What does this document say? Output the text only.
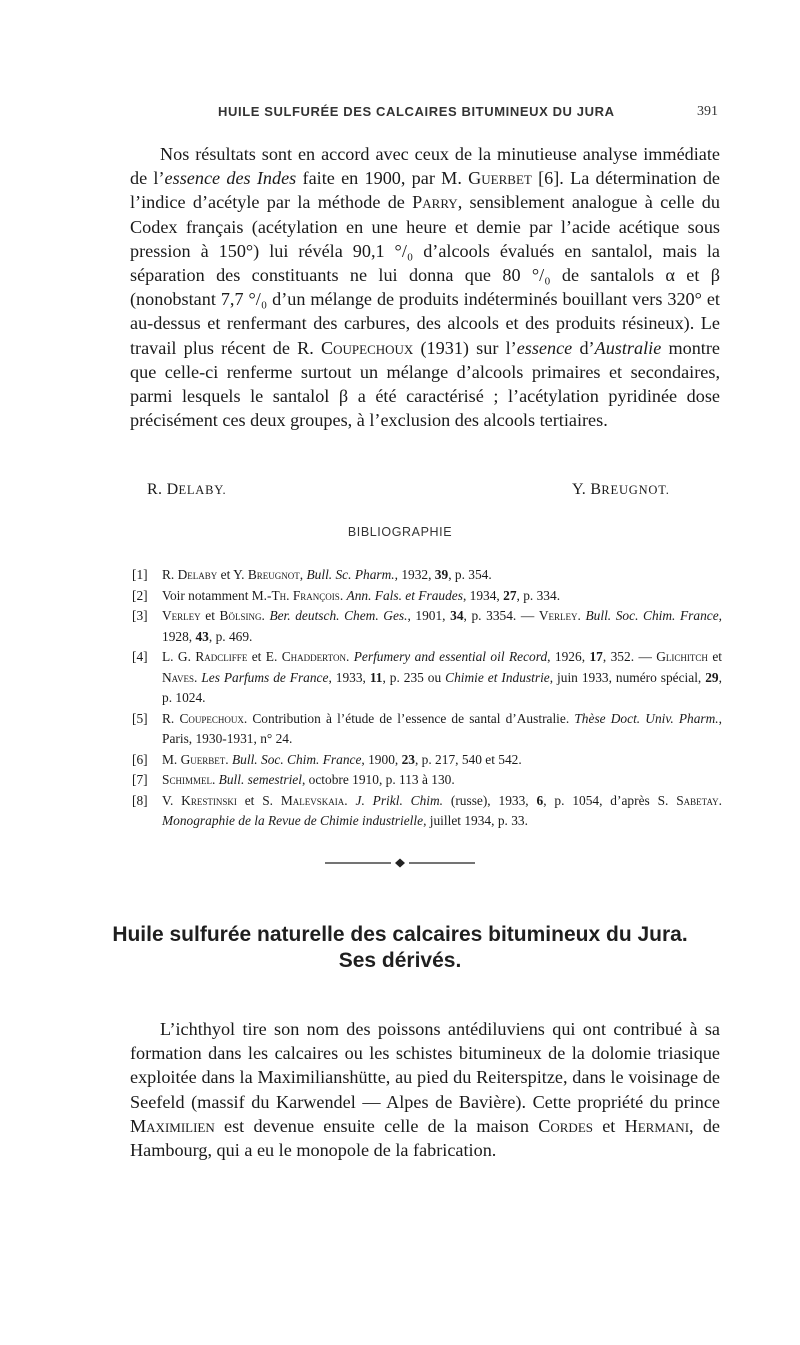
HUILE SULFURÉE DES CALCAIRES BITUMINEUX DU JURA	391

Nos résultats sont en accord avec ceux de la minutieuse analyse immédiate de l’essence des Indes faite en 1900, par M. Guerbet [6]. La détermination de l’indice d’acétyle par la méthode de Parry, sensiblement analogue à celle du Codex français (acétylation en une heure et demie par l’acide acétique sous pression à 150°) lui révéla 90,1 °/₀ d’alcools évalués en santalol, mais la séparation des constituants ne lui donna que 80 °/₀ de santalols α et β (nonobstant 7,7 °/₀ d’un mélange de produits indéterminés bouillant vers 320° et au-dessus et renfermant des carbures, des alcools et des produits résineux). Le travail plus récent de R. Coupechoux (1931) sur l’essence d’Australie montre que celle-ci renferme surtout un mélange d’alcools primaires et secondaires, parmi lesquels le santalol β a été caractérisé ; l’acétylation pyridinée dose précisément ces deux groupes, à l’exclusion des alcools tertiaires.

R. DELABY.	Y. BREUGNOT.
BIBLIOGRAPHIE
[1] R. Delaby et Y. Breugnot, Bull. Sc. Pharm., 1932, 39, p. 354.
[2] Voir notamment M.-Th. François. Ann. Fals. et Fraudes, 1934, 27, p. 334.
[3] Verley et Bölsing. Ber. deutsch. Chem. Ges., 1901, 34, p. 3354. — Verley. Bull. Soc. Chim. France, 1928, 43, p. 469.
[4] L. G. Radcliffe et E. Chadderton. Perfumery and essential oil Record, 1926, 17, 352. — Glichitch et Naves. Les Parfums de France, 1933, 11, p. 235 ou Chimie et Industrie, juin 1933, numéro spécial, 29, p. 1024.
[5] R. Coupechoux. Contribution à l’étude de l’essence de santal d’Australie. Thèse Doct. Univ. Pharm., Paris, 1930-1931, n° 24.
[6] M. Guerbet. Bull. Soc. Chim. France, 1900, 23, p. 217, 540 et 542.
[7] Schimmel. Bull. semestriel, octobre 1910, p. 113 à 130.
[8] V. Krestinski et S. Malevskaia. J. Prikl. Chim. (russe), 1933, 6, p. 1054, d’après S. Sabetay. Monographie de la Revue de Chimie industrielle, juillet 1934, p. 33.
Huile sulfurée naturelle des calcaires bitumineux du Jura.
Ses dérivés.

L’ichthyol tire son nom des poissons antédiluviens qui ont contribué à sa formation dans les calcaires ou les schistes bitumineux de la dolomie triasique exploitée dans la Maximilianshütte, au pied du Reiterspitze, dans le voisinage de Seefeld (massif du Karwendel — Alpes de Bavière). Cette propriété du prince Maximilien est devenue ensuite celle de la maison Cordes et Hermani, de Hambourg, qui a eu le monopole de la fabrication.
